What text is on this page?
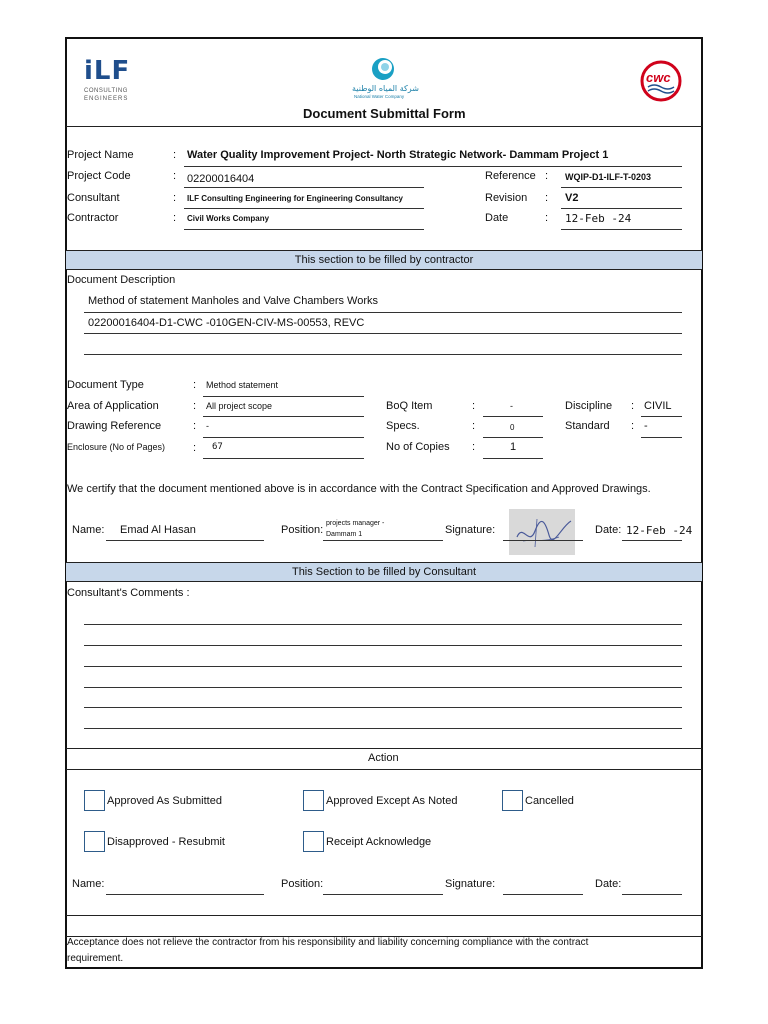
iLF
CONSULTING
ENGINEERS
شركة المياه الوطنية
National Water Company
cwc
Document Submittal Form
Project Name	: Water Quality Improvement Project- North Strategic Network- Dammam Project 1
Project Code	: 02200016404
Consultant	: ILF Consulting Engineering for Engineering Consultancy
Contractor	: Civil Works Company
Reference : WQIP-D1-ILF-T-0203
Revision : V2
Date	: 12-Feb -24
This section to be filled by contractor
Document Description
Method of statement Manholes and Valve Chambers Works
02200016404-D1-CWC -010GEN-CIV-MS-00553, REVC
Document Type	: Method statement
Area of Application	: All project scope
Drawing Reference	: -
Enclosure (No of Pages)	: 67
BoQ Item	:	-
Specs.	:	0
No of Copies :	1
Discipline : CIVIL
Standard : -
We certify that the document mentioned above is in accordance with the Contract Specification and Approved Drawings.
Name: Emad Al Hasan	Position:
projects manager -
Dammam 1	Signature:	Date: 12-Feb -24
This Section to be filled by Consultant
Consultant's Comments :
Action
Approved As Submitted	Approved Except As Noted	Cancelled
Disapproved - Resubmit	Receipt Acknowledge
Name:	Position:	Signature:	Date:
Acceptance does not relieve the contractor from his responsibility and liability concerning compliance with the contract
requirement.
